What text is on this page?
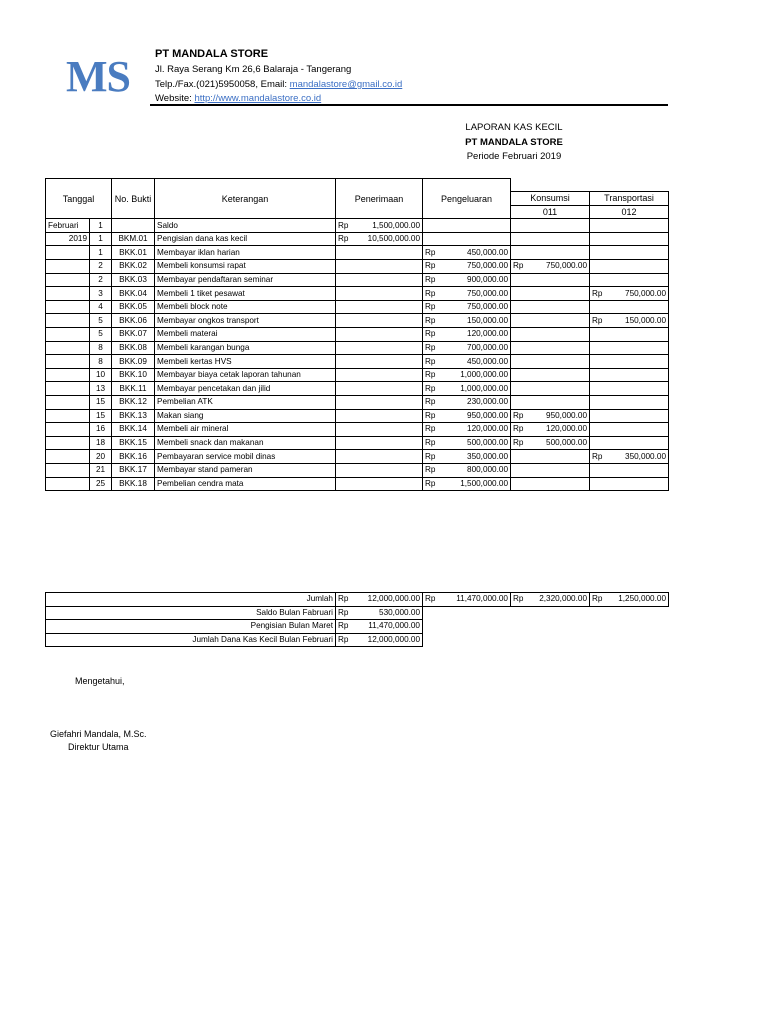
MS PT MANDALA STORE
Jl. Raya Serang Km 26,6 Balaraja - Tangerang
Telp./Fax.(021)5950058, Email: mandalastore@gmail.co.id
Website: http://www.mandalastore.co.id
LAPORAN KAS KECIL
PT MANDALA STORE
Periode Februari 2019
Tanggal		No. Bukti	Keterangan	Penerimaan	Pengeluaran		
						Konsumsi	Transportasi
						011	012
Februari	1		Saldo	Rp 1,500,000.00			

2019	1	BKM.01	Pengisian dana kas kecil	Rp 10,500,000.00			

	1	BKK.01	Membayar iklan harian		Rp 450,000.00		

	2	BKK.02	Membeli konsumsi rapat		Rp 750,000.00	Rp 750,000.00	

	2	BKK.03	Membayar pendaftaran seminar		Rp 900,000.00		

	3	BKK.04	Membeli 1 tiket pesawat		Rp 750,000.00		Rp 750,000.00

	4	BKK.05	Membeli block note		Rp 750,000.00		

	5	BKK.06	Membayar ongkos transport		Rp 150,000.00		Rp 150,000.00

	5	BKK.07	Membeli materai		Rp 120,000.00		

	8	BKK.08	Membeli karangan bunga		Rp 700,000.00		

	8	BKK.09	Membeli kertas HVS		Rp 450,000.00		

	10	BKK.10	Membayar biaya cetak laporan tahunan		Rp 1,000,000.00		

	13	BKK.11	Membayar pencetakan dan jilid		Rp 1,000,000.00		

	15	BKK.12	Pembelian ATK		Rp 230,000.00		

	15	BKK.13	Makan siang		Rp 950,000.00	Rp 950,000.00	

	16	BKK.14	Membeli air mineral		Rp 120,000.00	Rp 120,000.00	

	18	BKK.15	Membeli snack dan makanan		Rp 500,000.00	Rp 500,000.00	

	20	BKK.16	Pembayaran service mobil dinas		Rp 350,000.00		Rp 350,000.00

	21	BKK.17	Membayar stand pameran		Rp 800,000.00		

	25	BKK.18	Pembelian cendra mata		Rp 1,500,000.00		

Jumlah	Rp 12,000,000.00	Rp 11,470,000.00	Rp 2,320,000.00	Rp 1,250,000.00

Saldo Bulan Fabruari	Rp 530,000.00			

Pengisian Bulan Maret	Rp 11,470,000.00			

Jumlah Dana Kas Kecil Bulan Februari	Rp 12,000,000.00			

Mengetahui,
Giefahri Mandala, M.Sc.
Direktur Utama
